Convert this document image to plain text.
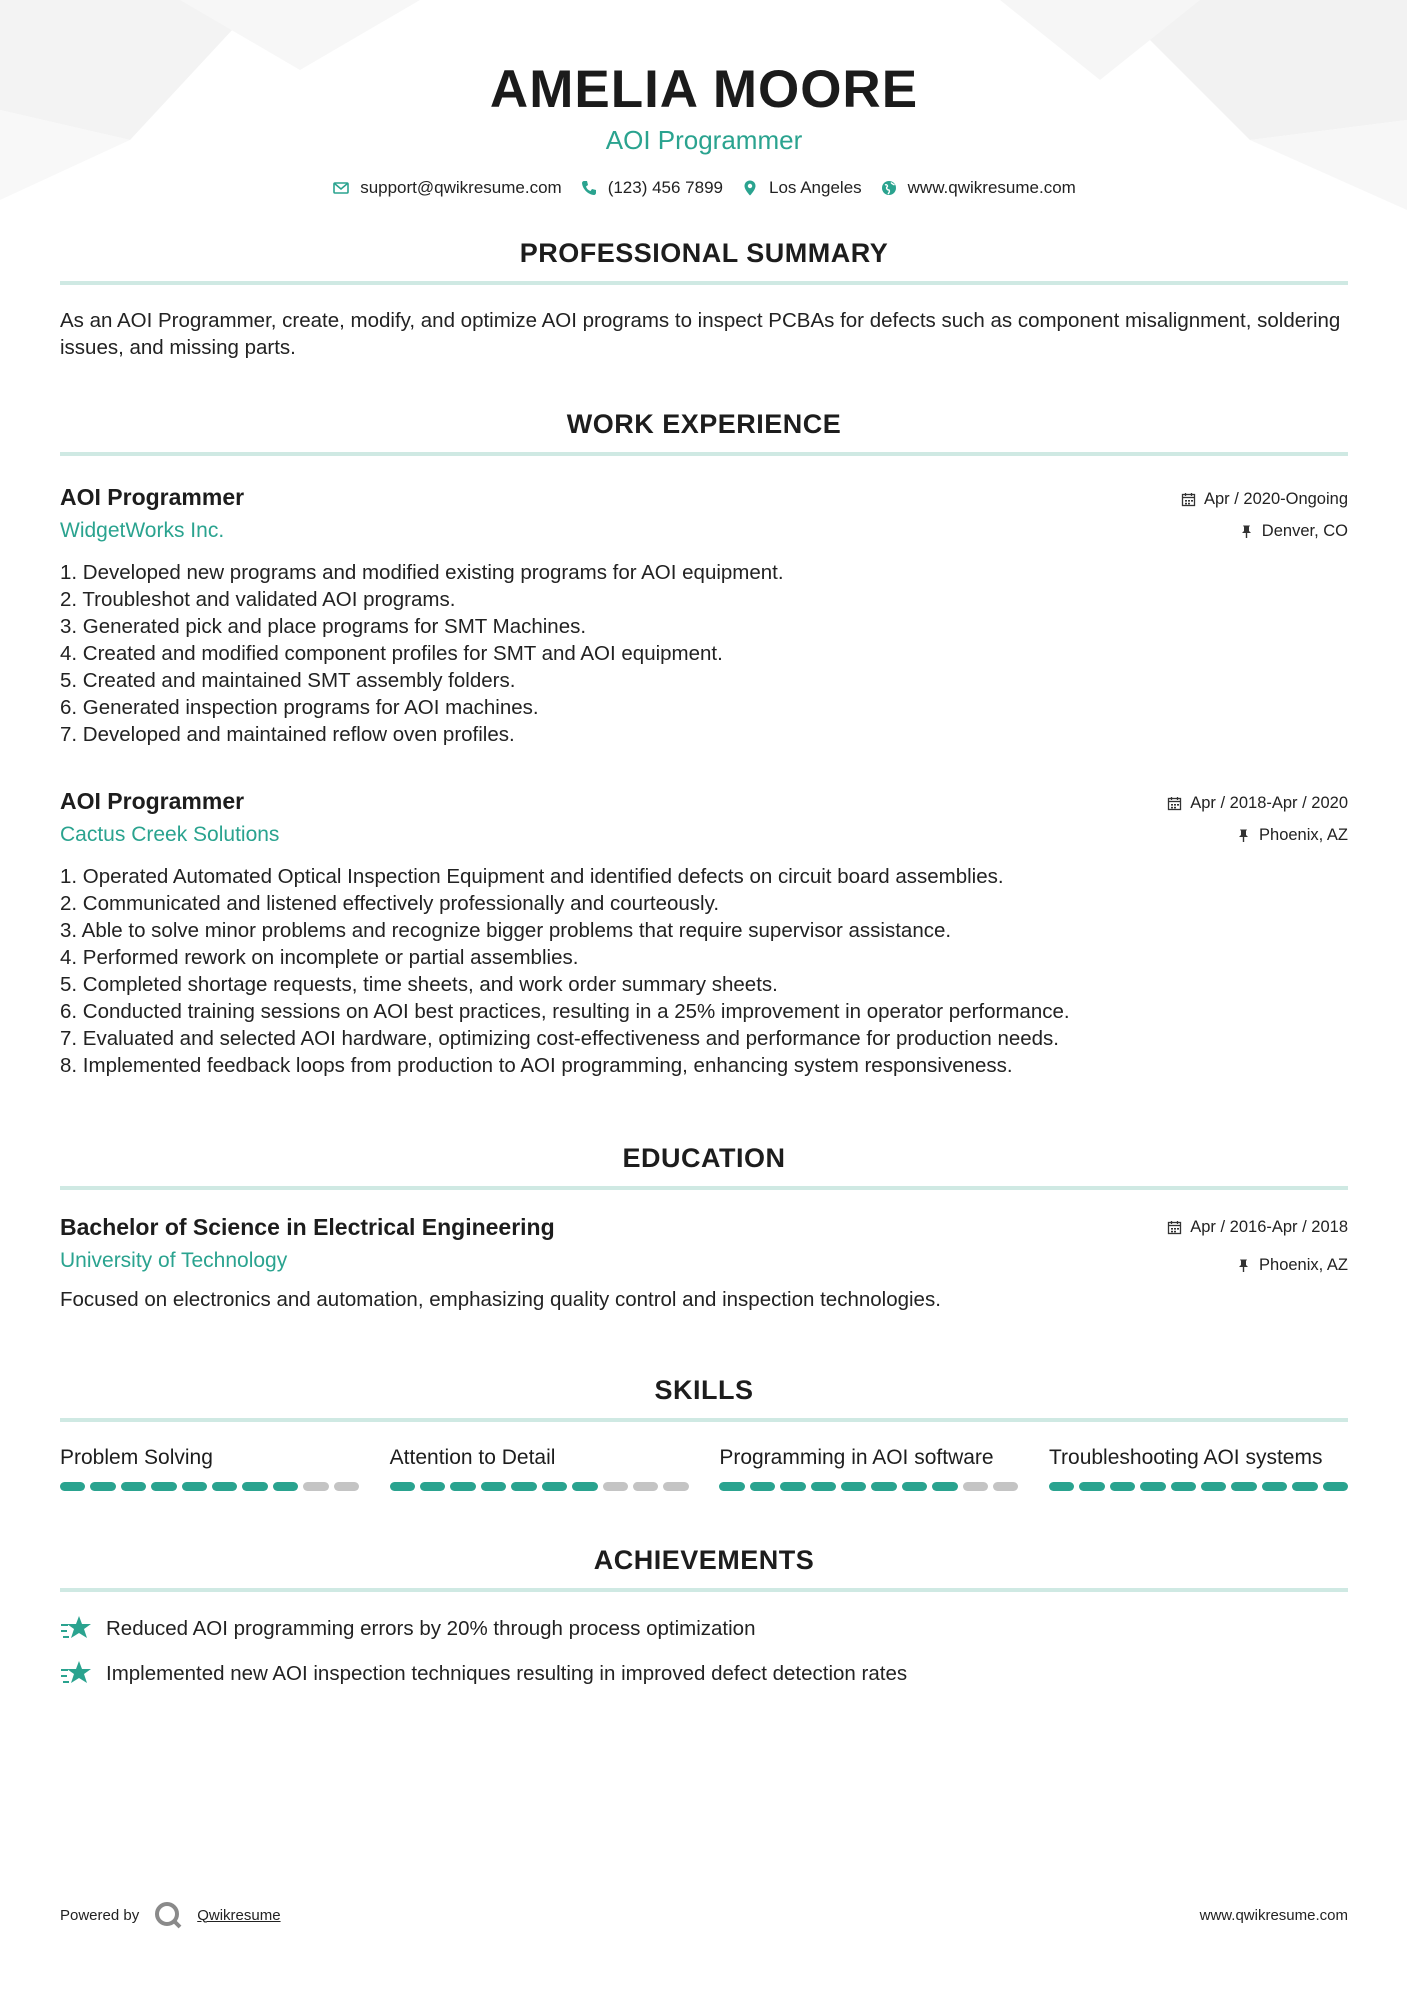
AMELIA MOORE
AOI Programmer
support@qwikresume.com	(123) 456 7899	Los Angeles	www.qwikresume.com
PROFESSIONAL SUMMARY
As an AOI Programmer, create, modify, and optimize AOI programs to inspect PCBAs for defects such as component misalignment, soldering issues, and missing parts.
WORK EXPERIENCE
AOI Programmer
WidgetWorks Inc.
Apr / 2020-Ongoing
Denver, CO
1. Developed new programs and modified existing programs for AOI equipment.
2. Troubleshot and validated AOI programs.
3. Generated pick and place programs for SMT Machines.
4. Created and modified component profiles for SMT and AOI equipment.
5. Created and maintained SMT assembly folders.
6. Generated inspection programs for AOI machines.
7. Developed and maintained reflow oven profiles.
AOI Programmer
Cactus Creek Solutions
Apr / 2018-Apr / 2020
Phoenix, AZ
1. Operated Automated Optical Inspection Equipment and identified defects on circuit board assemblies.
2. Communicated and listened effectively professionally and courteously.
3. Able to solve minor problems and recognize bigger problems that require supervisor assistance.
4. Performed rework on incomplete or partial assemblies.
5. Completed shortage requests, time sheets, and work order summary sheets.
6. Conducted training sessions on AOI best practices, resulting in a 25% improvement in operator performance.
7. Evaluated and selected AOI hardware, optimizing cost-effectiveness and performance for production needs.
8. Implemented feedback loops from production to AOI programming, enhancing system responsiveness.
EDUCATION
Bachelor of Science in Electrical Engineering
University of Technology
Apr / 2016-Apr / 2018
Phoenix, AZ
Focused on electronics and automation, emphasizing quality control and inspection technologies.
SKILLS
Problem Solving	Attention to Detail	Programming in AOI software	Troubleshooting AOI systems
ACHIEVEMENTS
Reduced AOI programming errors by 20% through process optimization
Implemented new AOI inspection techniques resulting in improved defect detection rates
Powered by	Qwikresume	www.qwikresume.com
